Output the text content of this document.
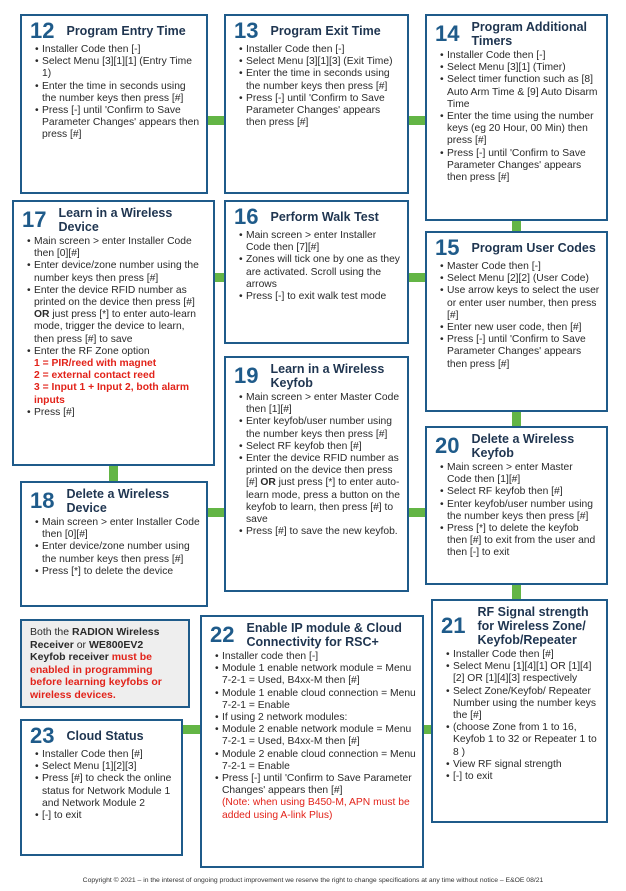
12 Program Entry Time
• Installer Code then [-]
• Select Menu [3][1][1] (Entry Time 1)
• Enter the time in seconds using the number keys then press [#]
• Press [-] until 'Confirm to Save Parameter Changes' appears then press [#]
13 Program Exit Time
• Installer Code then [-]
• Select Menu [3][1][3] (Exit Time)
• Enter the time in seconds using the number keys then press [#]
• Press [-] until 'Confirm to Save Parameter Changes' appears then press [#]
14 Program Additional Timers
• Installer Code then [-]
• Select Menu [3][1] (Timer)
• Select timer function such as [8] Auto Arm Time & [9] Auto Disarm Time
• Enter the time using the number keys (eg 20 Hour, 00 Min) then press [#]
• Press [-] until 'Confirm to Save Parameter Changes' appears then press [#]
17 Learn in a Wireless Device
• Main screen > enter Installer Code then [0][#]
• Enter device/zone number using the number keys then press [#]
• Enter the device RFID number as printed on the device then press [#] OR just press [*] to enter auto-learn mode, trigger the device to learn, then press [#] to save
• Enter the RF Zone option
1 = PIR/reed with magnet
2 = external contact reed
3 = Input 1 + Input 2, both alarm inputs
• Press [#]
16 Perform Walk Test
• Main screen > enter Installer Code then [7][#]
• Zones will tick one by one as they are activated. Scroll using the arrows
• Press [-] to exit walk test mode
15 Program User Codes
• Master Code then [-]
• Select Menu [2][2] (User Code)
• Use arrow keys to select the user or enter user number, then press [#]
• Enter new user code, then [#]
• Press [-] until 'Confirm to Save Parameter Changes' appears then press [#]
19 Learn in a Wireless Keyfob
• Main screen > enter Master Code then [1][#]
• Enter keyfob/user number using the number keys then press [#]
• Select RF keyfob then [#]
• Enter the device RFID number as printed on the device then press [#] OR just press [*] to enter auto-learn mode, press a button on the keyfob to learn, then press [#] to save
• Press [#] to save the new keyfob.
20 Delete a Wireless Keyfob
• Main screen > enter Master Code then [1][#]
• Select RF keyfob then [#]
• Enter keyfob/user number using the number keys then press [#]
• Press [*] to delete the keyfob then [#] to exit from the user and then [-] to exit
18 Delete a Wireless Device
• Main screen > enter Installer Code then [0][#]
• Enter device/zone number using the number keys then press [#]
• Press [*] to delete the device
Both the RADION Wireless Receiver or WE800EV2 Keyfob receiver must be enabled in programming before learning keyfobs or wireless devices.
22 Enable IP module & Cloud Connectivity for RSC+
• Installer code then [-]
• Module 1 enable network module = Menu 7-2-1 = Used, B4xx-M then [#]
• Module 1 enable cloud connection = Menu 7-2-1 = Enable
• If using 2 network modules:
• Module 2 enable network module = Menu 7-2-1 = Used, B4xx-M then [#]
• Module 2 enable cloud connection = Menu 7-2-1 = Enable
• Press [-] until 'Confirm to Save Parameter Changes' appears then [#]
(Note: when using B450-M, APN must be added using A-link Plus)
21
RF Signal strength for Wireless Zone/ Keyfob/Repeater
• Installer Code then [#]
• Select Menu [1][4][1] OR [1][4][2] OR [1][4][3] respectively
• Select Zone/Keyfob/ Repeater Number using the number keys the [#]
• (choose Zone from 1 to 16, Keyfob 1 to 32 or Repeater 1 to 8 )
• View RF signal strength
• [-] to exit
23 Cloud Status
• Installer Code then [#]
• Select Menu [1][2][3]
• Press [#] to check the online status for Network Module 1 and Network Module 2
• [-] to exit
Copyright © 2021 – in the interest of ongoing product improvement we reserve the right to change specifications at any time without notice – E&OE 08/21
